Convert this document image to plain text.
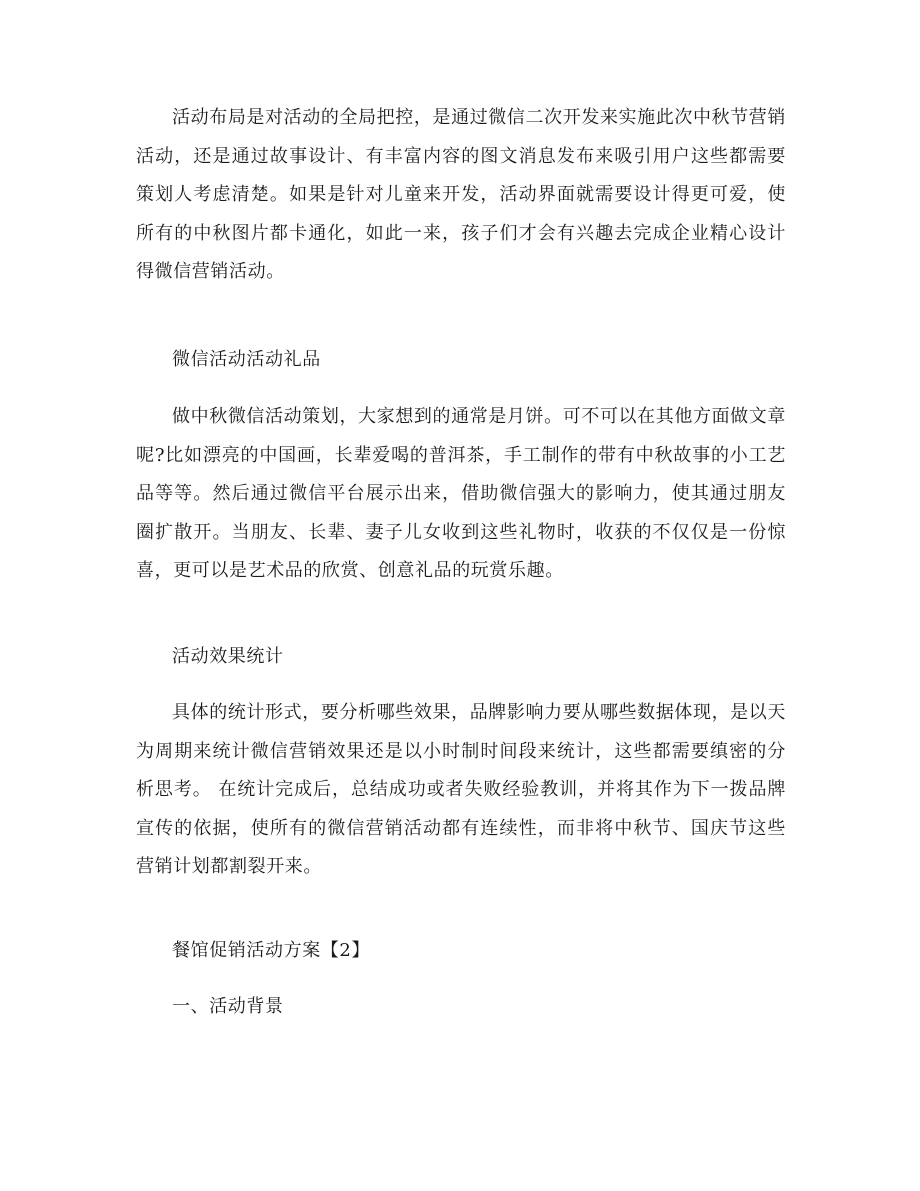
活动布局是对活动的全局把控，是通过微信二次开发来实施此次中秋节营销活动，还是通过故事设计、有丰富内容的图文消息发布来吸引用户这些都需要策划人考虑清楚。如果是针对儿童来开发，活动界面就需要设计得更可爱，使所有的中秋图片都卡通化，如此一来，孩子们才会有兴趣去完成企业精心设计得微信营销活动。

微信活动活动礼品

做中秋微信活动策划，大家想到的通常是月饼。可不可以在其他方面做文章呢?比如漂亮的中国画，长辈爱喝的普洱茶，手工制作的带有中秋故事的小工艺品等等。然后通过微信平台展示出来，借助微信强大的影响力，使其通过朋友圈扩散开。当朋友、长辈、妻子儿女收到这些礼物时，收获的不仅仅是一份惊喜，更可以是艺术品的欣赏、创意礼品的玩赏乐趣。

活动效果统计

具体的统计形式，要分析哪些效果，品牌影响力要从哪些数据体现，是以天为周期来统计微信营销效果还是以小时制时间段来统计，这些都需要缜密的分析思考。 在统计完成后，总结成功或者失败经验教训，并将其作为下一拨品牌宣传的依据，使所有的微信营销活动都有连续性，而非将中秋节、国庆节这些营销计划都割裂开来。

餐馆促销活动方案【2】

一、活动背景
